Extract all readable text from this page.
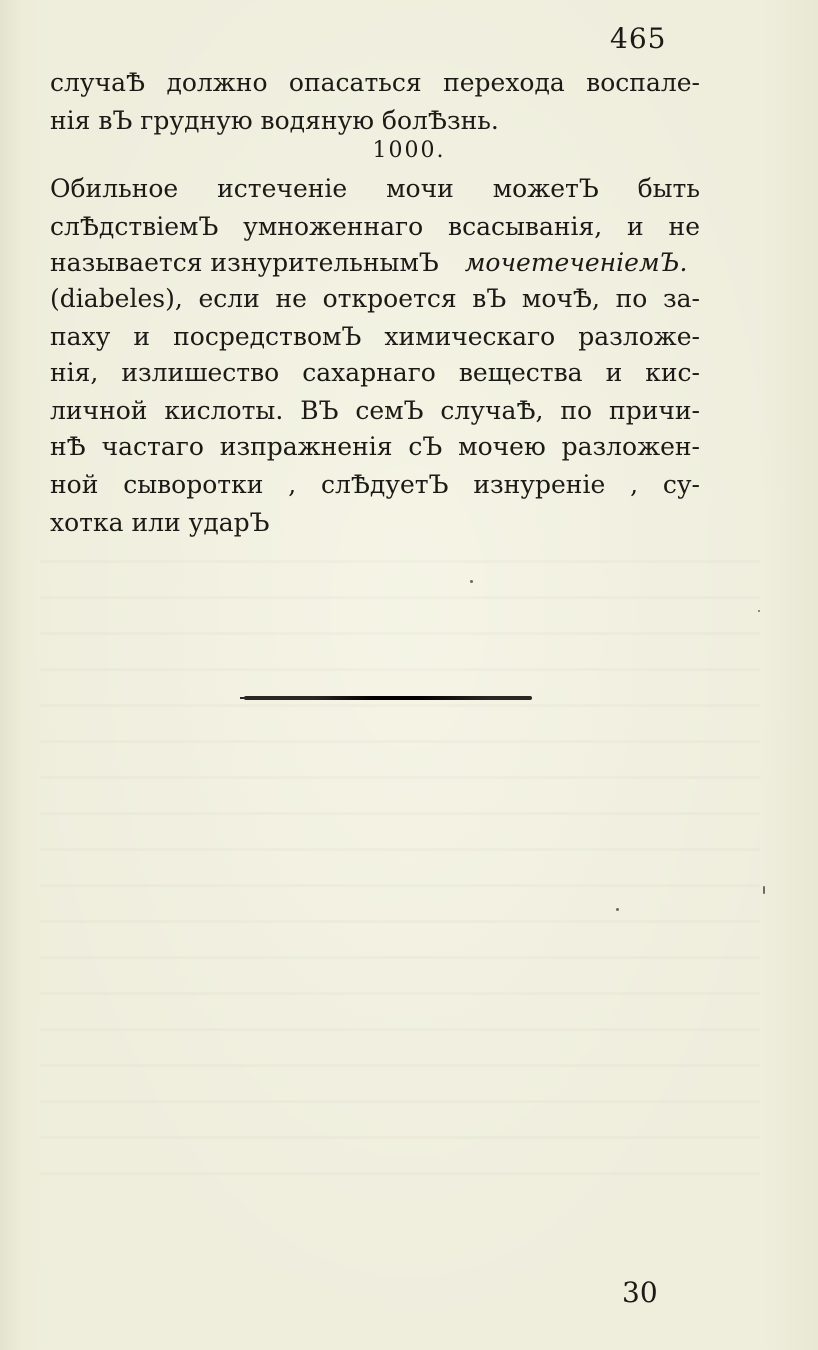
465
случаѢ должно опасаться перехода воспале-
нія вЪ грудную водяную болѢзнь.
1000.
Обильное истеченіе мочи можетЪ быть
слѢдствіемЪ умноженнаго всасыванія, и не
называется изнурительнымЪ мочетеченіемЪ.
(diabeles), если не откроется вЪ мочѢ, по за-
паху и посредствомЪ химическаго разложе-
нія, излишество сахарнаго вещества и кис-
личной кислоты. ВЪ семЪ случаѢ, по причи-
нѢ частаго изпражненія сЪ мочею разложен-
ной сыворотки , слѢдуетЪ изнуреніе , су-
хотка или ударЪ
30
